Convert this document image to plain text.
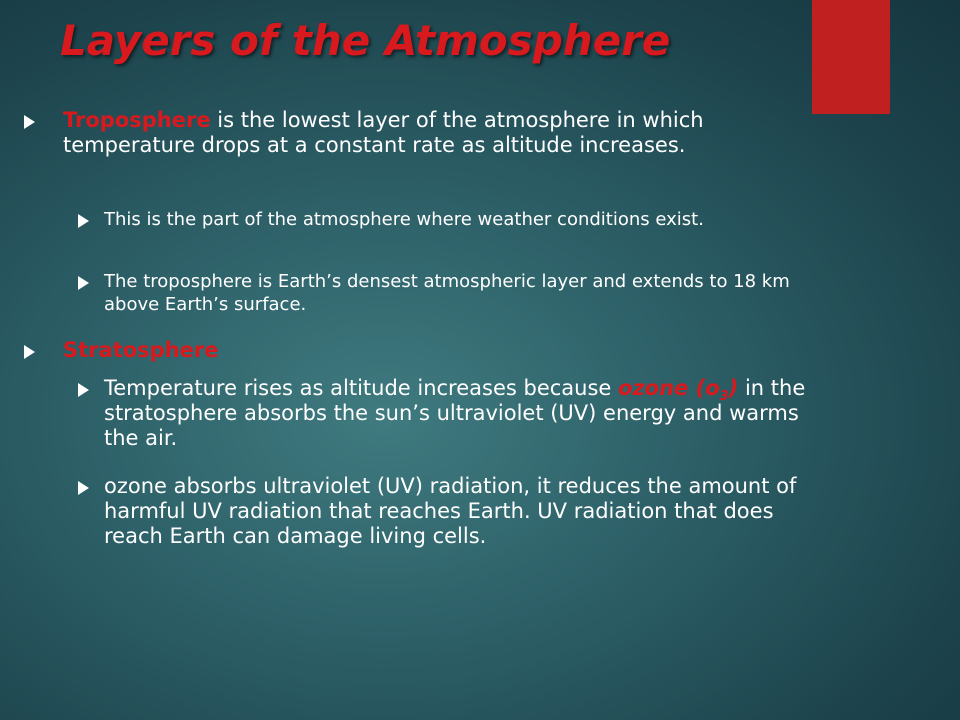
Layers of the Atmosphere

Troposphere is the lowest layer of the atmosphere in which temperature drops at a constant rate as altitude increases.

This is the part of the atmosphere where weather conditions exist.

The troposphere is Earth’s densest atmospheric layer and extends to 18 km above Earth’s surface.

Stratosphere

Temperature rises as altitude increases because ozone $(o_3)$ in the stratosphere absorbs the sun’s ultraviolet (UV) energy and warms the air.

ozone absorbs ultraviolet (UV) radiation, it reduces the amount of harmful UV radiation that reaches Earth. UV radiation that does reach Earth can damage living cells.
